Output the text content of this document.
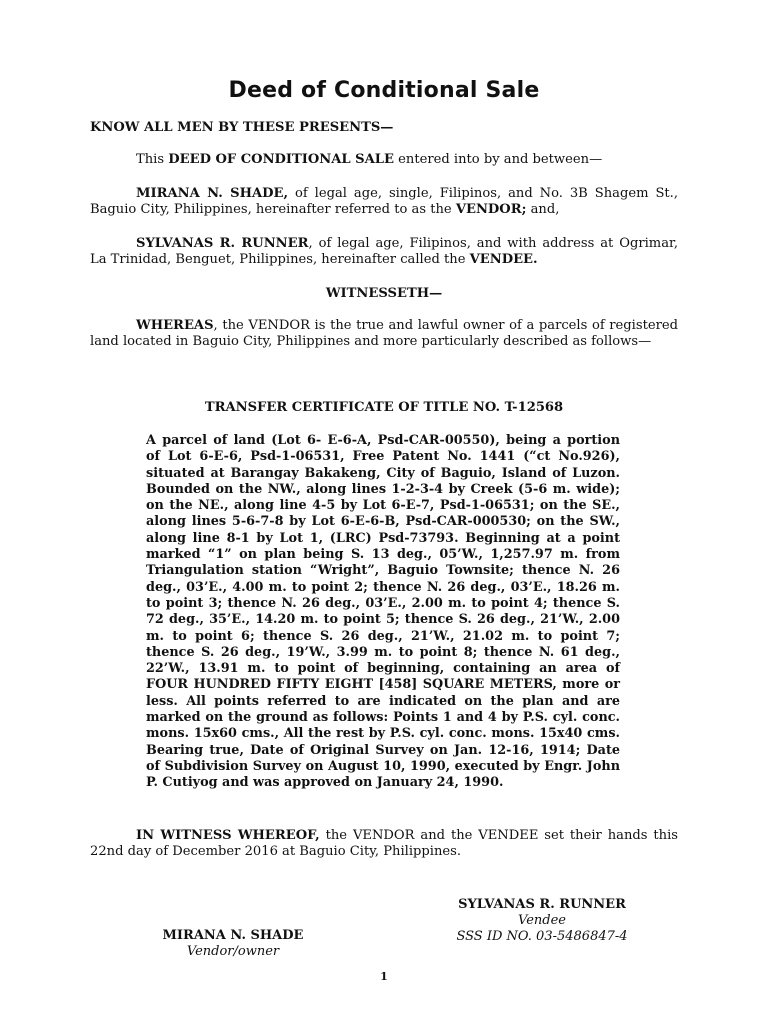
Deed of Conditional Sale
KNOW ALL MEN BY THESE PRESENTS—
This DEED OF CONDITIONAL SALE entered into by and between—
MIRANA N. SHADE, of legal age, single, Filipinos, and No. 3B Shagem St., Baguio City, Philippines, hereinafter referred to as the VENDOR; and,
SYLVANAS R. RUNNER, of legal age, Filipinos, and with address at Ogrimar, La Trinidad, Benguet, Philippines, hereinafter called the VENDEE.
WITNESSETH—
WHEREAS, the VENDOR is the true and lawful owner of a parcels of registered land located in Baguio City, Philippines and more particularly described as follows—
TRANSFER CERTIFICATE OF TITLE NO. T-12568
A parcel of land (Lot 6- E-6-A, Psd-CAR-00550), being a portion of Lot 6-E-6, Psd-1-06531, Free Patent No. 1441 (“ct No.926), situated at Barangay Bakakeng, City of Baguio, Island of Luzon. Bounded on the NW., along lines 1-2-3-4 by Creek (5-6 m. wide); on the NE., along line 4-5 by Lot 6-E-7, Psd-1-06531; on the SE., along lines 5-6-7-8 by Lot 6-E-6-B, Psd-CAR-000530; on the SW., along line 8-1 by Lot 1, (LRC) Psd-73793. Beginning at a point marked “1” on plan being S. 13 deg., 05’W., 1,257.97 m. from Triangulation station “Wright”, Baguio Townsite; thence N. 26 deg., 03’E., 4.00 m. to point 2; thence N. 26 deg., 03’E., 18.26 m. to point 3; thence N. 26 deg., 03’E., 2.00 m. to point 4; thence S. 72 deg., 35’E., 14.20 m. to point 5; thence S. 26 deg., 21’W., 2.00 m. to point 6; thence S. 26 deg., 21’W., 21.02 m. to point 7; thence S. 26 deg., 19’W., 3.99 m. to point 8; thence N. 61 deg., 22’W., 13.91 m. to point of beginning, containing an area of FOUR HUNDRED FIFTY EIGHT [458] SQUARE METERS, more or less. All points referred to are indicated on the plan and are marked on the ground as follows: Points 1 and 4 by P.S. cyl. conc. mons. 15x60 cms., All the rest by P.S. cyl. conc. mons. 15x40 cms. Bearing true, Date of Original Survey on Jan. 12-16, 1914; Date of Subdivision Survey on August 10, 1990, executed by Engr. John P. Cutiyog and was approved on January 24, 1990.
IN WITNESS WHEREOF, the VENDOR and the VENDEE set their hands this 22nd day of December 2016 at Baguio City, Philippines.
SYLVANAS R. RUNNER
Vendee
SSS ID NO. 03-5486847-4
MIRANA N. SHADE
Vendor/owner
1
